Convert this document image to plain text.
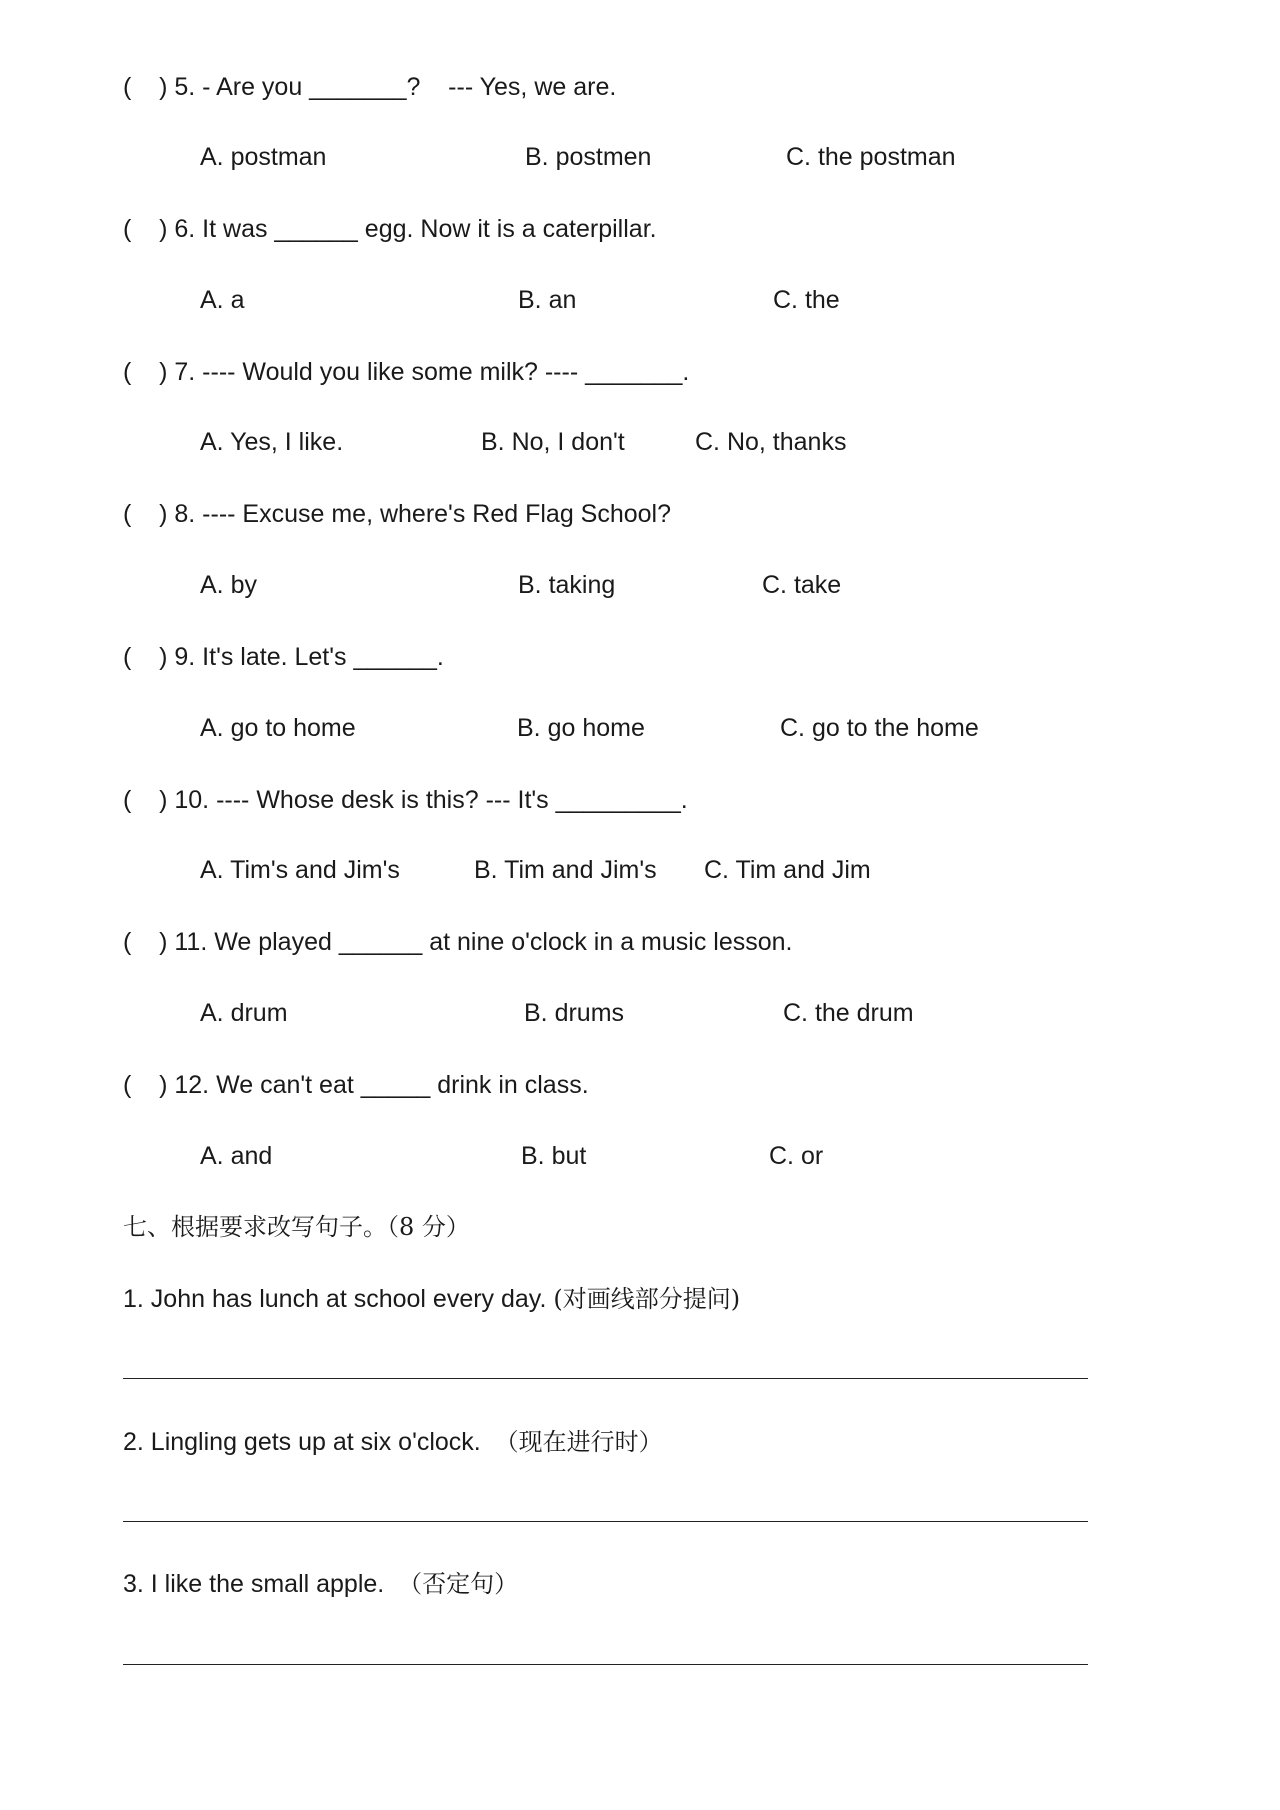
(    ) 5. - Are you _______?    --- Yes, we are.

A. postman	B. postmen	C. the postman

(    ) 6. It was ______ egg. Now it is a caterpillar.

A. a	B. an	C. the

(    ) 7. ---- Would you like some milk? ---- _______.

A. Yes, I like.	B. No, I don't	C. No, thanks

(    ) 8. ---- Excuse me, where's Red Flag School?

A. by	B. taking	C. take

(    ) 9. It's late. Let's ______.

A. go to home	B. go home	C. go to the home

(    ) 10. ---- Whose desk is this? --- It's _________.

A. Tim's and Jim's	B. Tim and Jim's C. Tim and Jim

(    ) 11. We played ______ at nine o'clock in a music lesson.

A. drum	B. drums	C. the drum

(    ) 12. We can't eat _____ drink in class.

A. and	B. but	C. or

七、根据要求改写句子。（8 分）

1. John has lunch at school every day. (对画线部分提问)

2. Lingling gets up at six o'clock.  （现在进行时）

3. I like the small apple.  （否定句）
